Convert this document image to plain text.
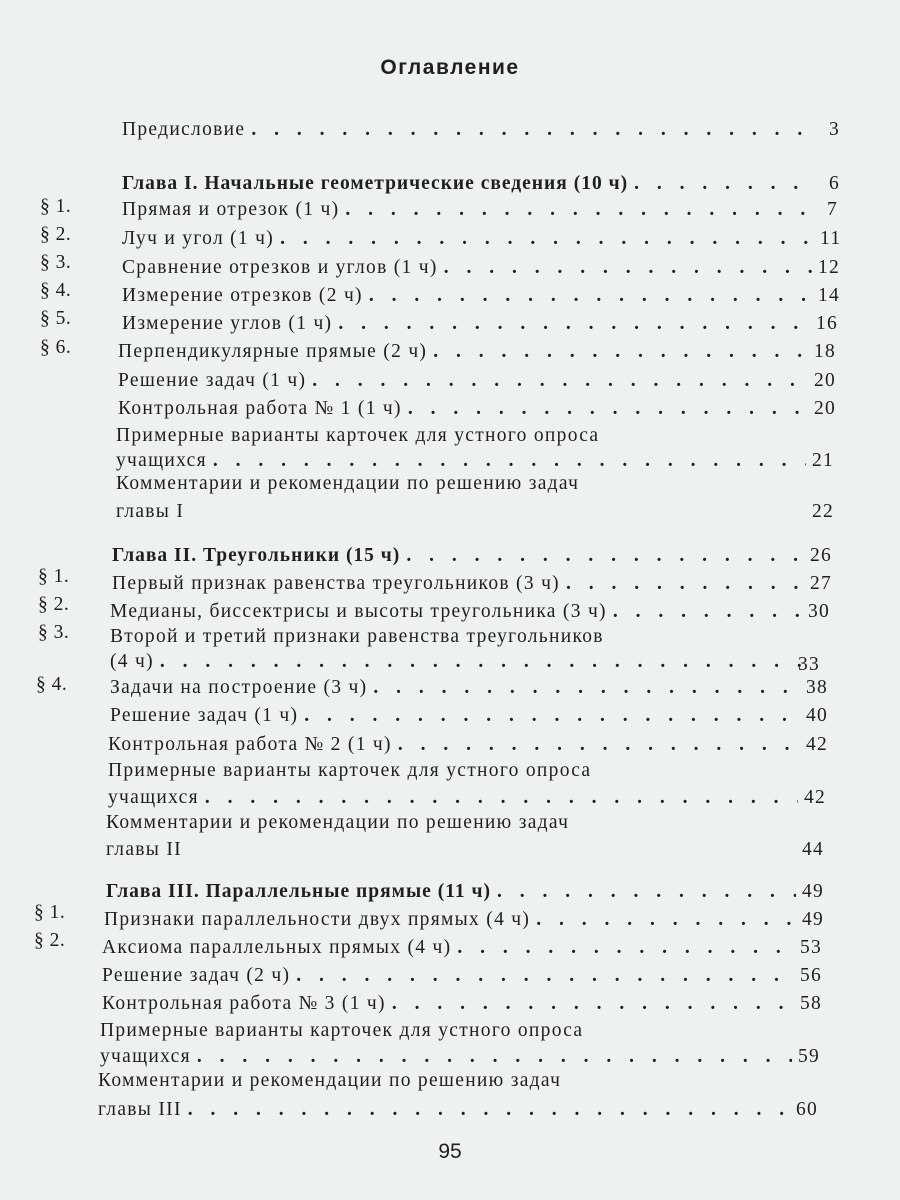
Оглавление
Предисловие . . .	3
Глава I. Начальные геометрические сведения (10 ч) . . .	6
§ 1.	Прямая и отрезок (1 ч) . . .	7
§ 2.	Луч и угол (1 ч) . . .	11
§ 3.	Сравнение отрезков и углов (1 ч) . . .	12
§ 4.	Измерение отрезков (2 ч) . . .	14
§ 5.	Измерение углов (1 ч) . . .	16
§ 6.	Перпендикулярные прямые (2 ч) . . .	18
Решение задач (1 ч) . . .	20
Контрольная работа № 1 (1 ч) . . .	20
Примерные варианты карточек для устного опроса
учащихся . . .	21
Комментарии и рекомендации по решению задач
главы I	22
Глава II. Треугольники (15 ч) . . .	26
§ 1.	Первый признак равенства треугольников (3 ч) . . .	27
§ 2.	Медианы, биссектрисы и высоты треугольника (3 ч) . . .	30
§ 3.	Второй и третий признаки равенства треугольников
(4 ч) . . .	33
§ 4.	Задачи на построение (3 ч) . . .	38
Решение задач (1 ч) . . .	40
Контрольная работа № 2 (1 ч) . . .	42
Примерные варианты карточек для устного опроса
учащихся . . .	42
Комментарии и рекомендации по решению задач
главы II	44
Глава III. Параллельные прямые (11 ч) . . .	49
§ 1.	Признаки параллельности двух прямых (4 ч) . . .	49
§ 2.	Аксиома параллельных прямых (4 ч) . . .	53
Решение задач (2 ч) . . .	56
Контрольная работа № 3 (1 ч) . . .	58
Примерные варианты карточек для устного опроса
учащихся . . .	59
Комментарии и рекомендации по решению задач
главы III . . .	60
95
